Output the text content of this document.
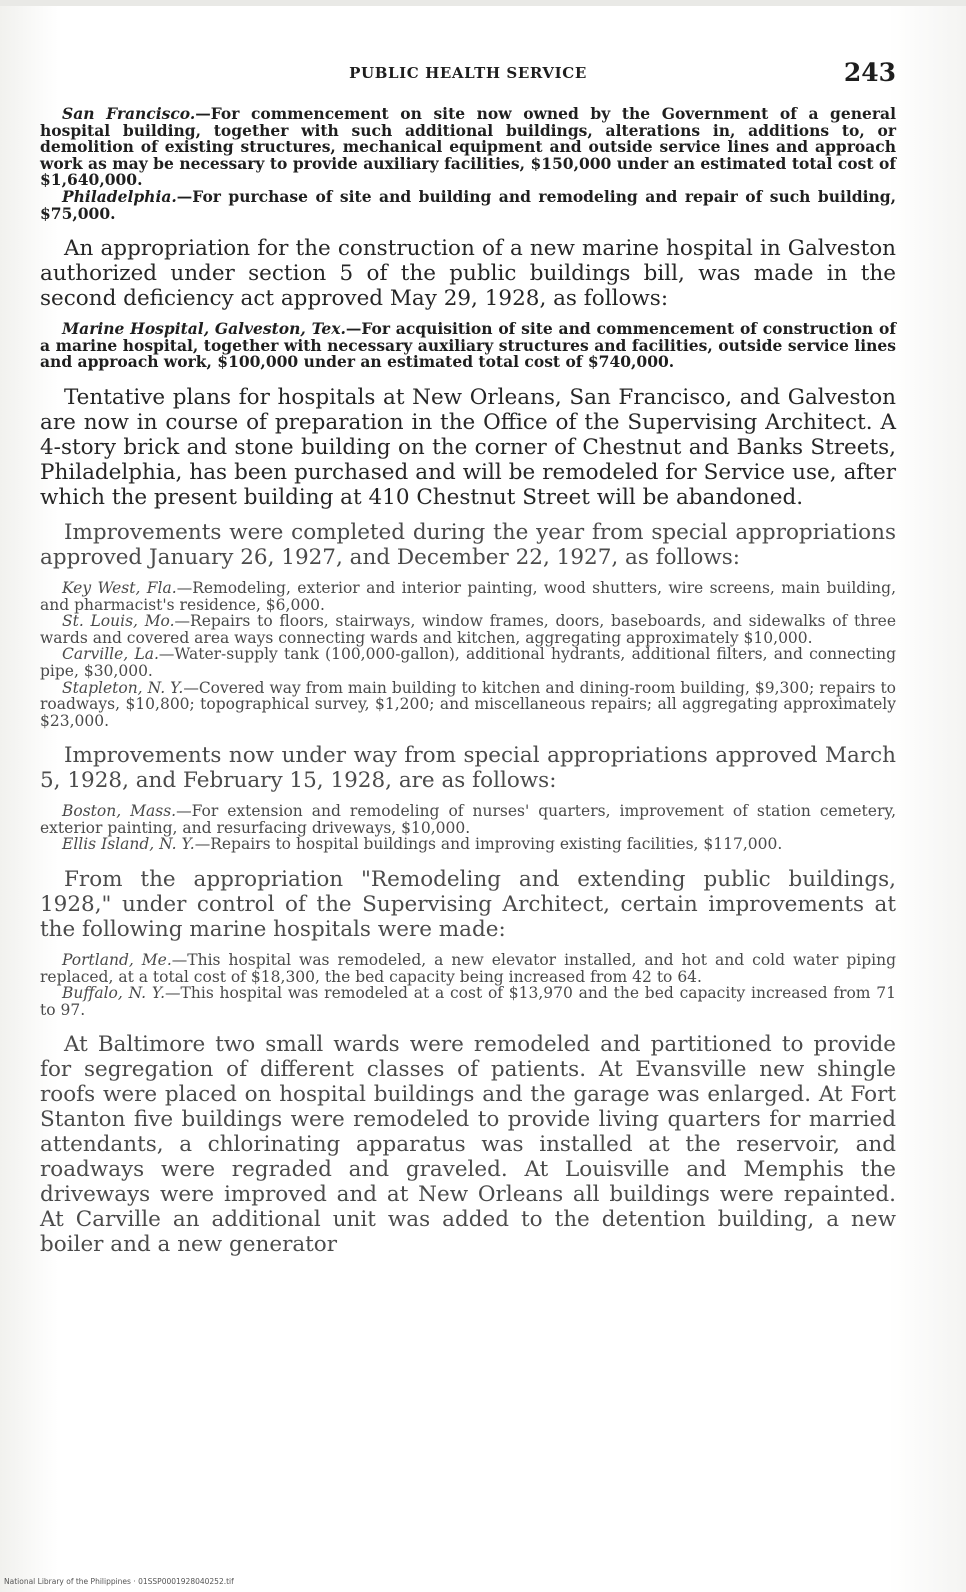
PUBLIC HEALTH SERVICE	243

San Francisco.—For commencement on site now owned by the Government of a general hospital building, together with such additional buildings, alterations in, additions to, or demolition of existing structures, mechanical equipment and outside service lines and approach work as may be necessary to provide auxiliary facilities, $150,000 under an estimated total cost of $1,640,000.

Philadelphia.—For purchase of site and building and remodeling and repair of such building, $75,000.

An appropriation for the construction of a new marine hospital in Galveston authorized under section 5 of the public buildings bill, was made in the second deficiency act approved May 29, 1928, as follows:

Marine Hospital, Galveston, Tex.—For acquisition of site and commencement of construction of a marine hospital, together with necessary auxiliary structures and facilities, outside service lines and approach work, $100,000 under an estimated total cost of $740,000.

Tentative plans for hospitals at New Orleans, San Francisco, and Galveston are now in course of preparation in the Office of the Supervising Architect. A 4-story brick and stone building on the corner of Chestnut and Banks Streets, Philadelphia, has been purchased and will be remodeled for Service use, after which the present building at 410 Chestnut Street will be abandoned.

Improvements were completed during the year from special appropriations approved January 26, 1927, and December 22, 1927, as follows:

Key West, Fla.—Remodeling, exterior and interior painting, wood shutters, wire screens, main building, and pharmacist's residence, $6,000.

St. Louis, Mo.—Repairs to floors, stairways, window frames, doors, baseboards, and sidewalks of three wards and covered area ways connecting wards and kitchen, aggregating approximately $10,000.

Carville, La.—Water-supply tank (100,000-gallon), additional hydrants, additional filters, and connecting pipe, $30,000.

Stapleton, N. Y.—Covered way from main building to kitchen and dining-room building, $9,300; repairs to roadways, $10,800; topographical survey, $1,200; and miscellaneous repairs; all aggregating approximately $23,000.

Improvements now under way from special appropriations approved March 5, 1928, and February 15, 1928, are as follows:

Boston, Mass.—For extension and remodeling of nurses' quarters, improvement of station cemetery, exterior painting, and resurfacing driveways, $10,000.

Ellis Island, N. Y.—Repairs to hospital buildings and improving existing facilities, $117,000.

From the appropriation "Remodeling and extending public buildings, 1928," under control of the Supervising Architect, certain improvements at the following marine hospitals were made:

Portland, Me.—This hospital was remodeled, a new elevator installed, and hot and cold water piping replaced, at a total cost of $18,300, the bed capacity being increased from 42 to 64.

Buffalo, N. Y.—This hospital was remodeled at a cost of $13,970 and the bed capacity increased from 71 to 97.

At Baltimore two small wards were remodeled and partitioned to provide for segregation of different classes of patients. At Evansville new shingle roofs were placed on hospital buildings and the garage was enlarged. At Fort Stanton five buildings were remodeled to provide living quarters for married attendants, a chlorinating apparatus was installed at the reservoir, and roadways were regraded and graveled. At Louisville and Memphis the driveways were improved and at New Orleans all buildings were repainted. At Carville an additional unit was added to the detention building, a new boiler and a new generator

National Library of the Philippines · 01SSP0001928040252.tif
